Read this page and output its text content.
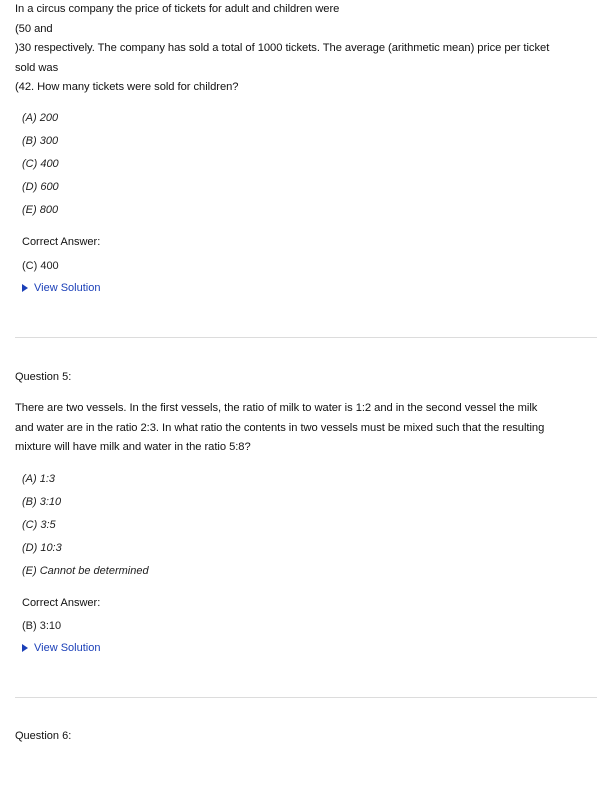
In a circus company the price of tickets for adult and children were
(50 and
)30 respectively. The company has sold a total of 1000 tickets. The average (arithmetic mean) price per ticket
sold was
(42. How many tickets were sold for children?
(A) 200
(B) 300
(C) 400
(D) 600
(E) 800
Correct Answer:
(C) 400
View Solution
Question 5:
There are two vessels. In the first vessels, the ratio of milk to water is 1:2 and in the second vessel the milk
and water are in the ratio 2:3. In what ratio the contents in two vessels must be mixed such that the resulting
mixture will have milk and water in the ratio 5:8?
(A) 1:3
(B) 3:10
(C) 3:5
(D) 10:3
(E) Cannot be determined
Correct Answer:
(B) 3:10
View Solution
Question 6:
